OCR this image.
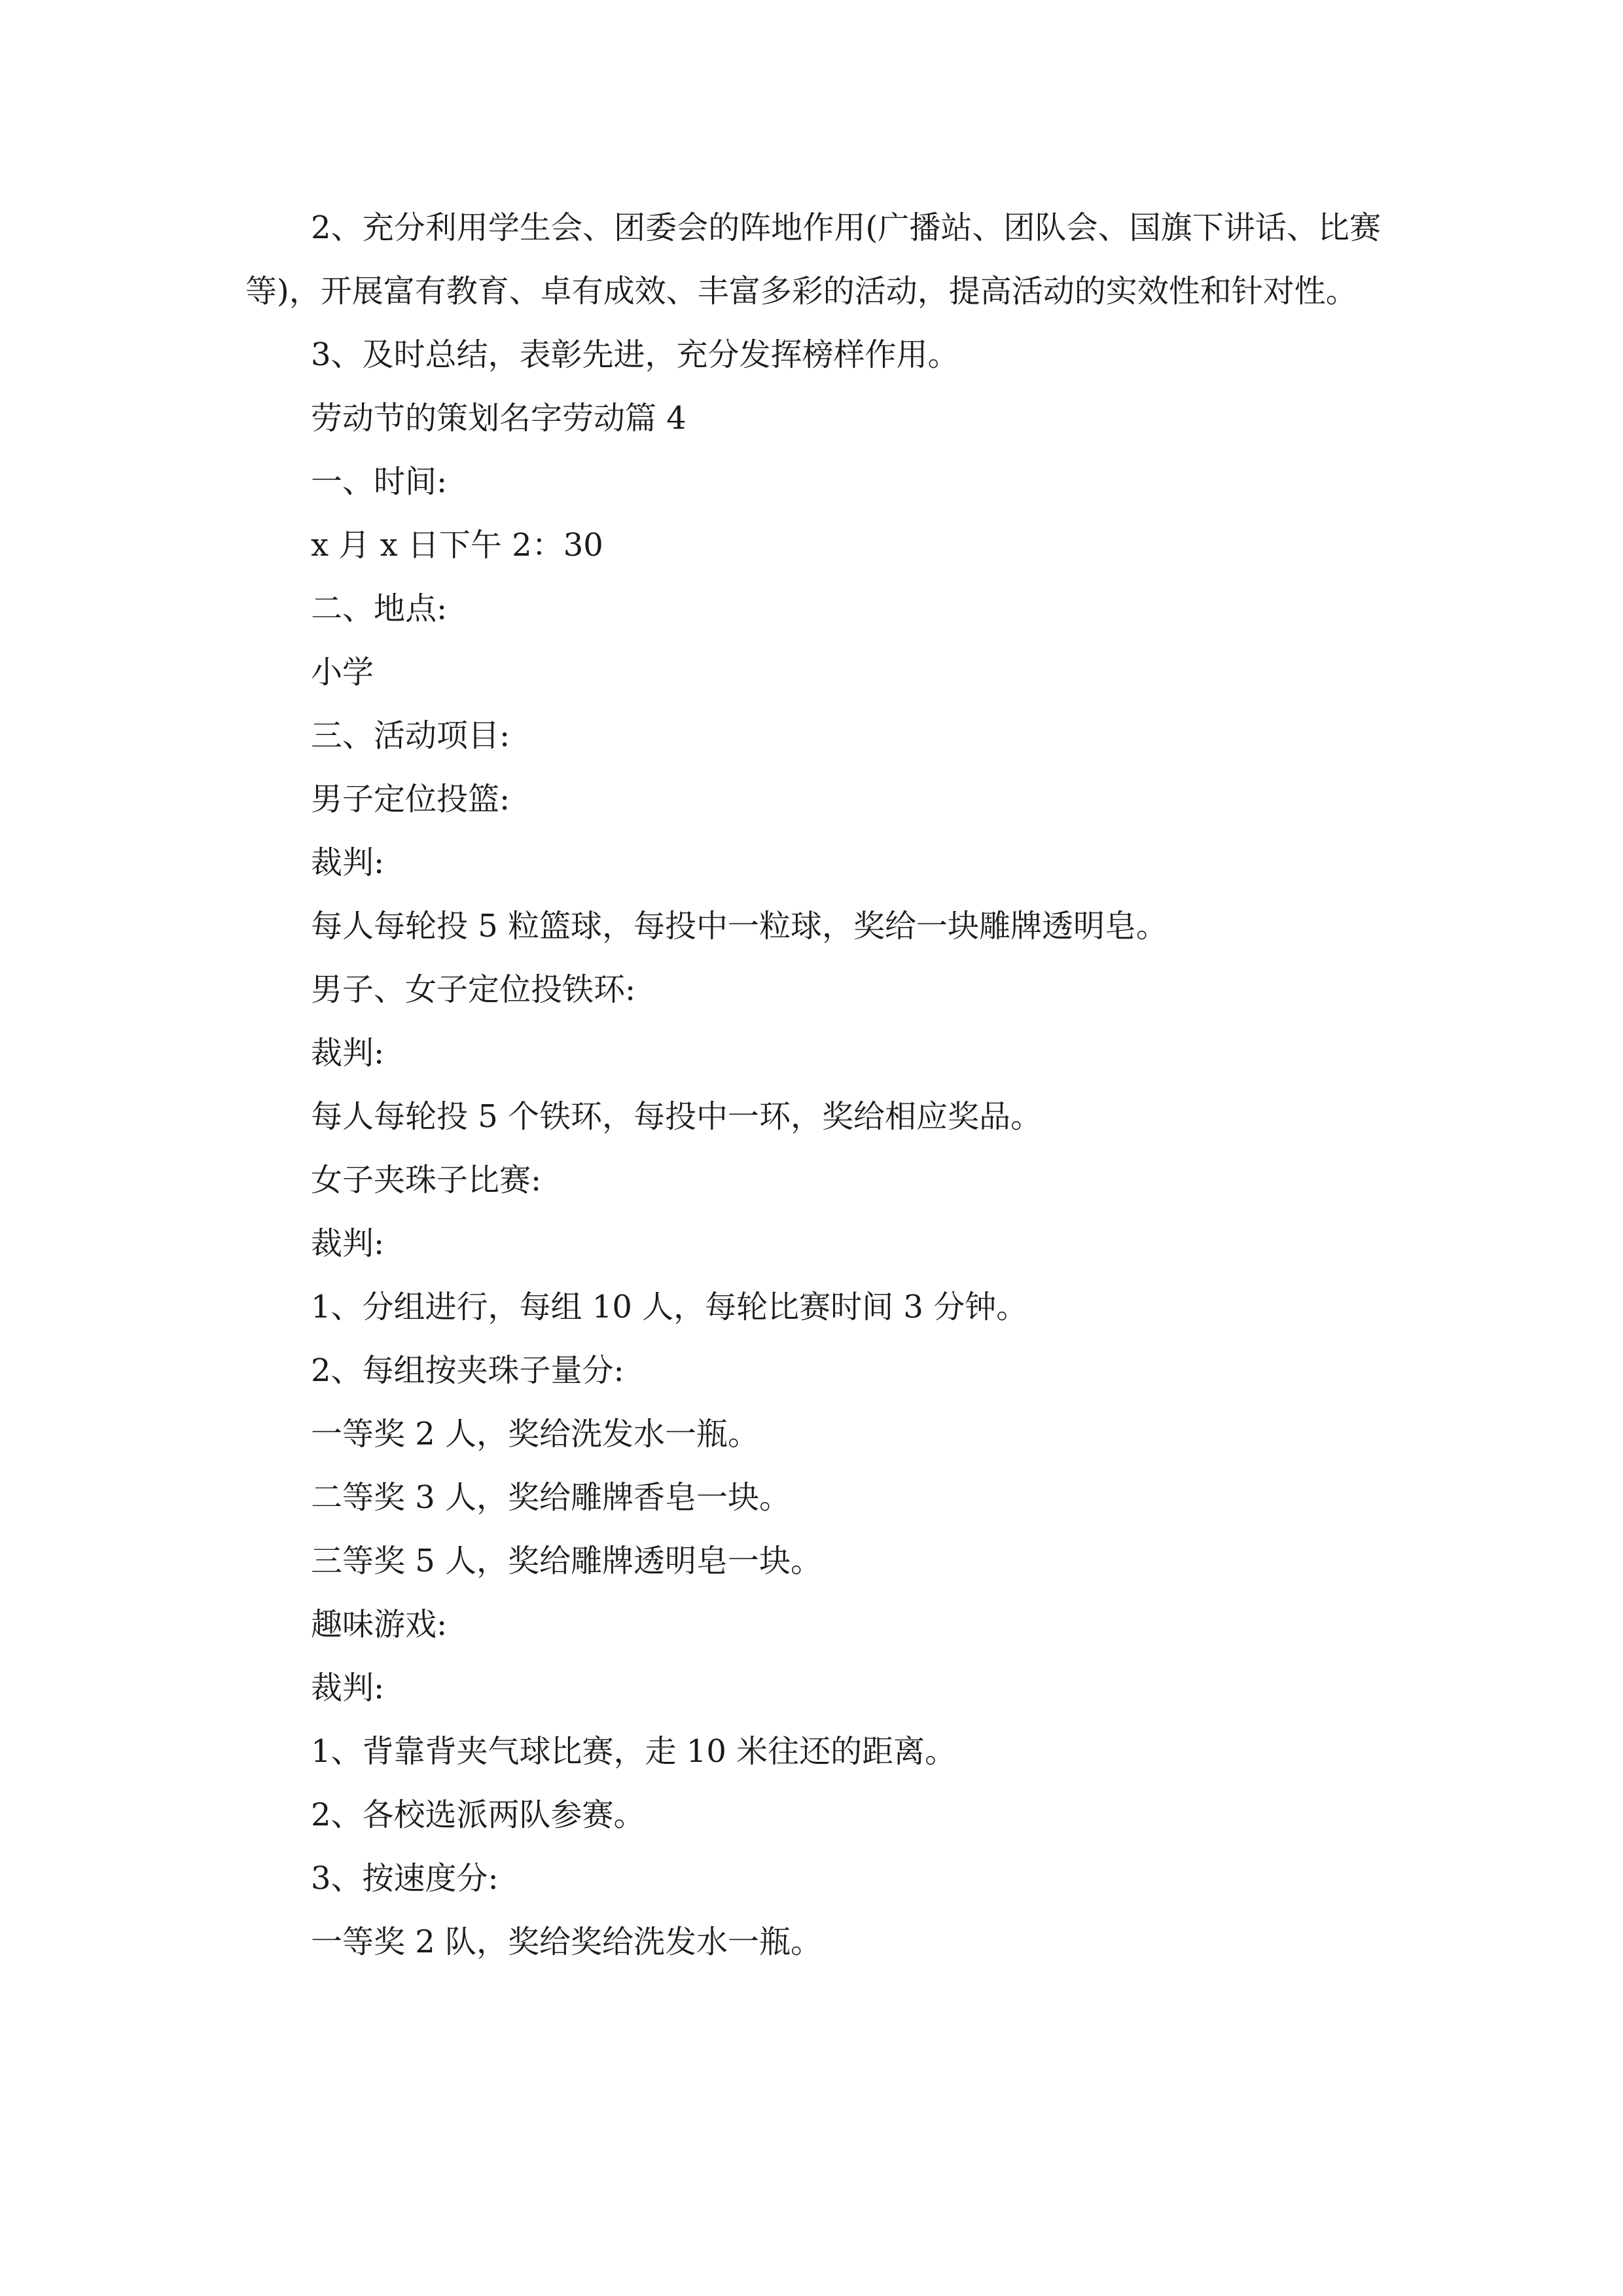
2、充分利用学生会、团委会的阵地作用(广播站、团队会、国旗下讲话、比赛等)，开展富有教育、卓有成效、丰富多彩的活动，提高活动的实效性和针对性。

3、及时总结，表彰先进，充分发挥榜样作用。

劳动节的策划名字劳动篇 4

一、时间:

x 月 x 日下午 2：30

二、地点:

小学

三、活动项目:

男子定位投篮:

裁判:

每人每轮投 5 粒篮球，每投中一粒球，奖给一块雕牌透明皂。

男子、女子定位投铁环:

裁判:

每人每轮投 5 个铁环，每投中一环，奖给相应奖品。

女子夹珠子比赛:

裁判:

1、分组进行，每组 10 人，每轮比赛时间 3 分钟。

2、每组按夹珠子量分:

一等奖 2 人，奖给洗发水一瓶。

二等奖 3 人，奖给雕牌香皂一块。

三等奖 5 人，奖给雕牌透明皂一块。

趣味游戏:

裁判:

1、背靠背夹气球比赛，走 10 米往还的距离。

2、各校选派两队参赛。

3、按速度分:

一等奖 2 队，奖给奖给洗发水一瓶。
